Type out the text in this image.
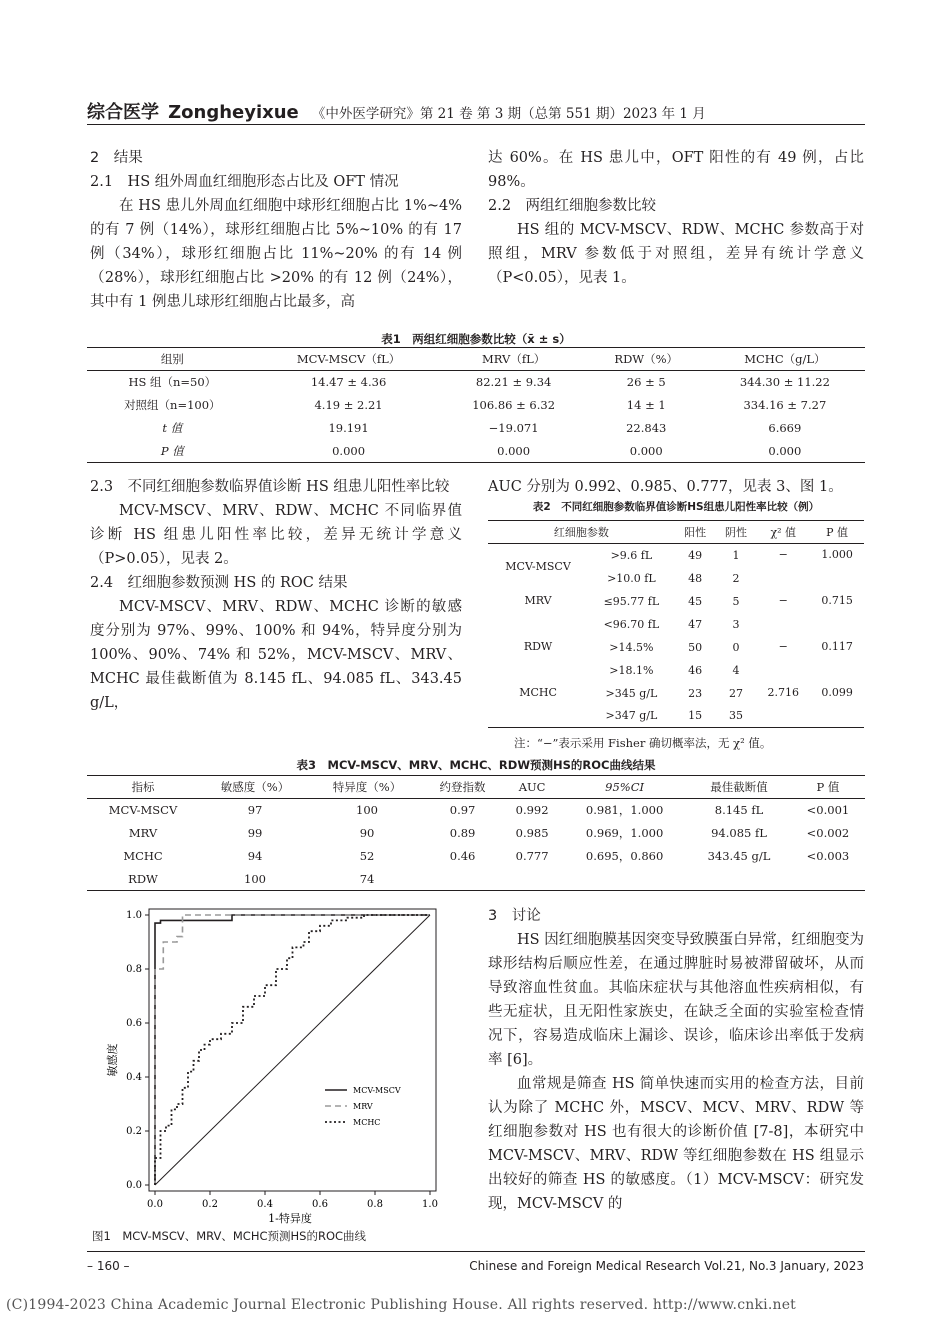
综合医学 Zongheyixue 《中外医学研究》第 21 卷 第 3 期（总第 551 期）2023 年 1 月

2　结果

2.1　HS 组外周血红细胞形态占比及 OFT 情况

在 HS 患儿外周血红细胞中球形红细胞占比 1%~4% 的有 7 例（14%），球形红细胞占比 5%~10% 的有 17 例（34%），球形红细胞占比 11%~20% 的有 14 例（28%），球形红细胞占比 >20% 的有 12 例（24%），其中有 1 例患儿球形红细胞占比最多，高

达 60%。在 HS 患儿中，OFT 阳性的有 49 例，占比 98%。

2.2　两组红细胞参数比较

HS 组的 MCV-MSCV、RDW、MCHC 参数高于对照组，MRV 参数低于对照组，差异有统计学意义（P<0.05），见表 1。

表1　两组红细胞参数比较（x̄ ± s）
组别	MCV-MSCV（fL）	MRV（fL）	RDW（%）	MCHC（g/L）
HS 组（n=50）	14.47 ± 4.36	82.21 ± 9.34	26 ± 5	344.30 ± 11.22
对照组（n=100）	4.19 ± 2.21	106.86 ± 6.32	14 ± 1	334.16 ± 7.27
t 值	19.191	−19.071	22.843	6.669
P 值	0.000	0.000	0.000	0.000

2.3　不同红细胞参数临界值诊断 HS 组患儿阳性率比较

MCV-MSCV、MRV、RDW、MCHC 不同临界值诊断 HS 组患儿阳性率比较，差异无统计学意义（P>0.05），见表 2。

2.4　红细胞参数预测 HS 的 ROC 结果

MCV-MSCV、MRV、RDW、MCHC 诊断的敏感度分别为 97%、99%、100% 和 94%，特异度分别为 100%、90%、74% 和 52%，MCV-MSCV、MRV、MCHC 最佳截断值为 8.145 fL、94.085 fL、343.45 g/L，

AUC 分别为 0.992、0.985、0.777，见表 3、图 1。

表2　不同红细胞参数临界值诊断HS组患儿阳性率比较（例）
红细胞参数		阳性	阴性	χ² 值	P 值
MCV-MSCV	>9.6 fL	49	1	−	1.000
	>10.0 fL	48	2		
MRV	≤95.77 fL	45	5	−	0.715
	<96.70 fL	47	3		
RDW	>14.5%	50	0	−	0.117
	>18.1%	46	4		
MCHC	>345 g/L	23	27	2.716	0.099
	>347 g/L	15	35		
注：“−”表示采用 Fisher 确切概率法，无 χ² 值。
表3　MCV-MSCV、MRV、MCHC、RDW预测HS的ROC曲线结果
指标	敏感度（%）	特异度（%）	约登指数	AUC	95%CI	最佳截断值	P 值
MCV-MSCV	97	100	0.97	0.992	0.981，1.000	8.145 fL	<0.001
MRV	99	90	0.89	0.985	0.969，1.000	94.085 fL	<0.002
MCHC	94	52	0.46	0.777	0.695，0.860	343.45 g/L	<0.003
RDW	100	74					
0.0	0.2	0.4	0.6	0.8	1.0
0.0
0.2
0.4
0.6
0.8
1.0
MCV-MSCV
MRV
MCHC
敏感度
1-特异度
图1　MCV-MSCV、MRV、MCHC预测HS的ROC曲线

3　讨论

HS 因红细胞膜基因突变导致膜蛋白异常，红细胞变为球形结构后顺应性差，在通过脾脏时易被滞留破坏，从而导致溶血性贫血。其临床症状与其他溶血性疾病相似，有些无症状，且无阳性家族史，在缺乏全面的实验室检查情况下，容易造成临床上漏诊、误诊，临床诊出率低于发病率 [6]。

血常规是筛查 HS 简单快速而实用的检查方法，目前认为除了 MCHC 外，MSCV、MCV、MRV、RDW 等红细胞参数对 HS 也有很大的诊断价值 [7-8]，本研究中 MCV-MSCV、MRV、RDW 等红细胞参数在 HS 组显示出较好的筛查 HS 的敏感度。（1）MCV-MSCV：研究发现，MCV-MSCV 的

– 160 –	Chinese and Foreign Medical Research Vol.21, No.3 January, 2023
(C)1994-2023 China Academic Journal Electronic Publishing House. All rights reserved. http://www.cnki.net
